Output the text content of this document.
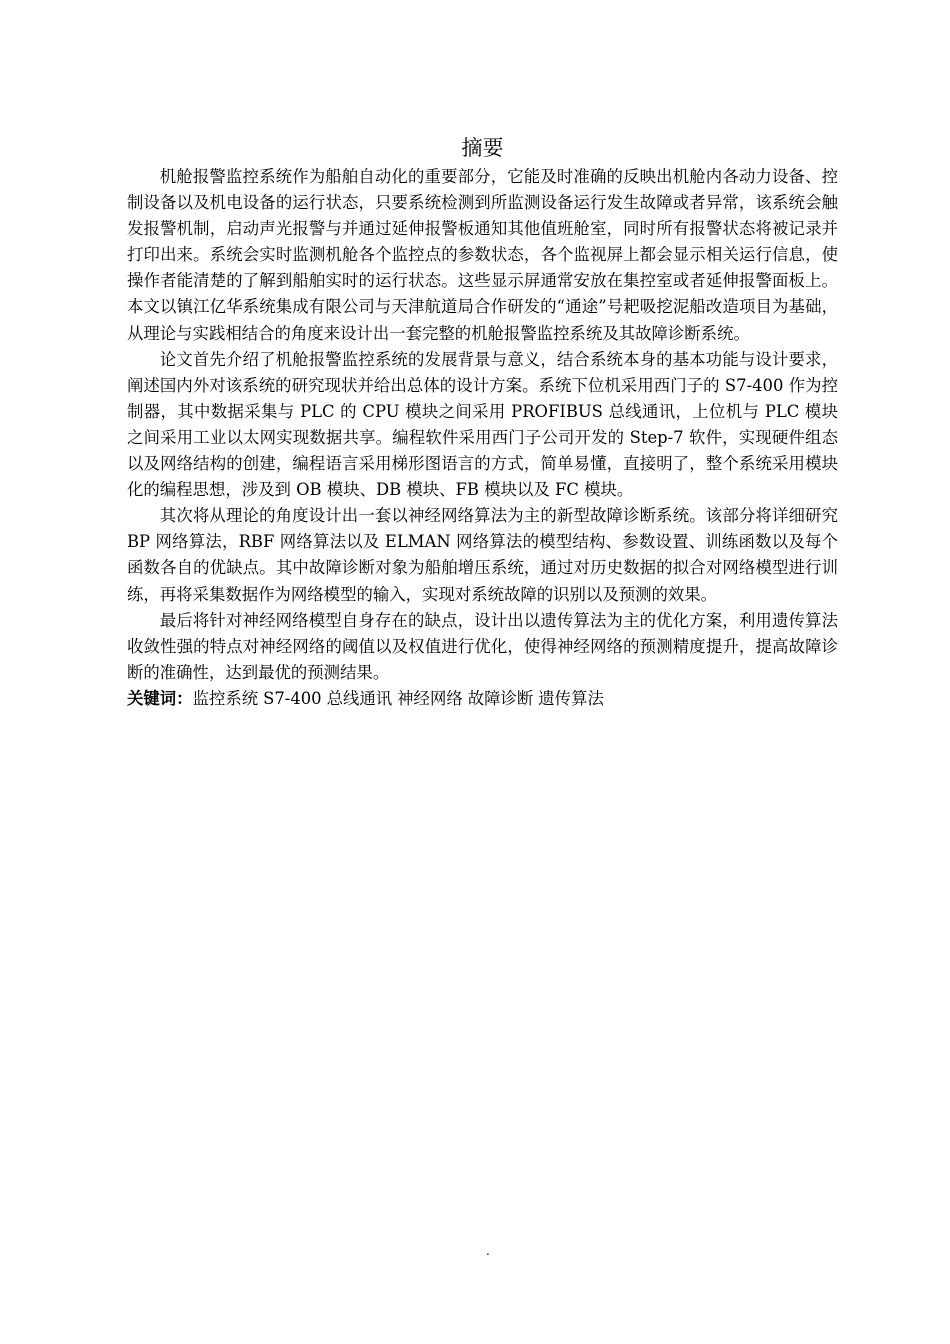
摘要

机舱报警监控系统作为船舶自动化的重要部分，它能及时准确的反映出机舱内各动力设备、控制设备以及机电设备的运行状态，只要系统检测到所监测设备运行发生故障或者异常，该系统会触发报警机制，启动声光报警与并通过延伸报警板通知其他值班舱室，同时所有报警状态将被记录并打印出来。系统会实时监测机舱各个监控点的参数状态，各个监视屏上都会显示相关运行信息，使操作者能清楚的了解到船舶实时的运行状态。这些显示屏通常安放在集控室或者延伸报警面板上。本文以镇江亿华系统集成有限公司与天津航道局合作研发的“通途”号耙吸挖泥船改造项目为基础，从理论与实践相结合的角度来设计出一套完整的机舱报警监控系统及其故障诊断系统。

论文首先介绍了机舱报警监控系统的发展背景与意义，结合系统本身的基本功能与设计要求，阐述国内外对该系统的研究现状并给出总体的设计方案。系统下位机采用西门子的 S7-400 作为控制器，其中数据采集与 PLC 的 CPU 模块之间采用 PROFIBUS 总线通讯，上位机与 PLC 模块之间采用工业以太网实现数据共享。编程软件采用西门子公司开发的 Step-7 软件，实现硬件组态以及网络结构的创建，编程语言采用梯形图语言的方式，简单易懂，直接明了，整个系统采用模块化的编程思想，涉及到 OB 模块、DB 模块、FB 模块以及 FC 模块。

其次将从理论的角度设计出一套以神经网络算法为主的新型故障诊断系统。该部分将详细研究 BP 网络算法，RBF 网络算法以及 ELMAN 网络算法的模型结构、参数设置、训练函数以及每个函数各自的优缺点。其中故障诊断对象为船舶增压系统，通过对历史数据的拟合对网络模型进行训练，再将采集数据作为网络模型的输入，实现对系统故障的识别以及预测的效果。

最后将针对神经网络模型自身存在的缺点，设计出以遗传算法为主的优化方案，利用遗传算法收敛性强的特点对神经网络的阈值以及权值进行优化，使得神经网络的预测精度提升，提高故障诊断的准确性，达到最优的预测结果。

关键词：监控系统 S7-400 总线通讯 神经网络 故障诊断 遗传算法

.
